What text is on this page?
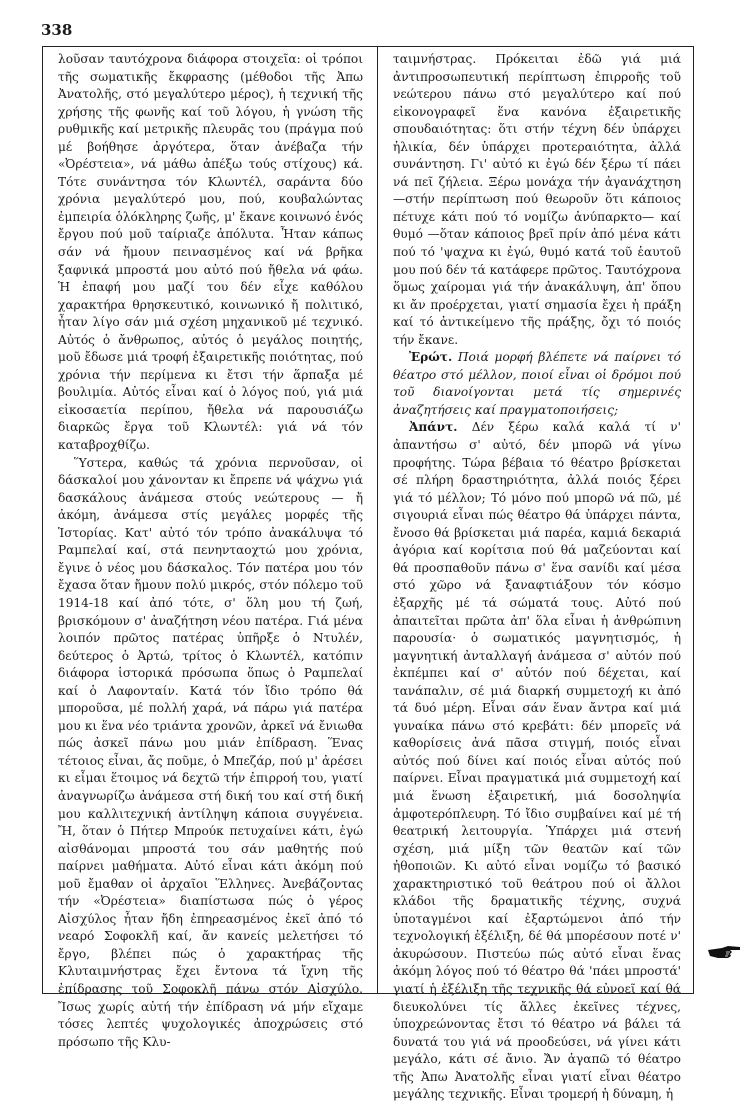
338

λοῦσαν ταυτόχρονα διάφορα στοιχεῖα: οἱ τρόποι τῆς σωματικῆς ἔκφρασης (μέθοδοι τῆς Ἀπω Ἀνατολῆς, στό μεγαλύτερο μέρος), ἡ τεχνική τῆς χρήσης τῆς φωνῆς καί τοῦ λόγου, ἡ γνώση τῆς ρυθμικῆς καί μετρικῆς πλευρᾶς του (πράγμα πού μέ βοήθησε ἀργότερα, ὅταν ἀνέβαζα τήν «Ὀρέστεια», νά μάθω ἀπέξω τούς στίχους) κά. Τότε συνάντησα τόν Κλωντέλ, σαράντα δύο χρόνια μεγαλύτερό μου, πού, κουβαλώντας ἐμπειρία ὁλόκληρης ζωῆς, μ' ἔκανε κοινωνό ἑνός ἔργου πού μοῦ ταίριαζε ἀπόλυτα. Ἦταν κάπως σάν νά ἤμουν πεινασμένος καί νά βρῆκα ξαφνικά μπροστά μου αὐτό πού ἤθελα νά φάω. Ἡ ἐπαφή μου μαζί του δέν εἶχε καθόλου χαρακτήρα θρησκευτικό, κοινωνικό ἤ πολιτικό, ἦταν λίγο σάν μιά σχέση μηχανικοῦ μέ τεχνικό. Αὐτός ὁ ἄνθρωπος, αὐτός ὁ μεγάλος ποιητής, μοῦ ἔδωσε μιά τροφή ἐξαιρετικῆς ποιότητας, πού χρόνια τήν περίμενα κι ἔτσι τήν ἅρπαξα μέ βουλιμία. Αὐτός εἶναι καί ὁ λόγος πού, γιά μιά εἰκοσαετία περίπου, ἤθελα νά παρουσιάζω διαρκῶς ἔργα τοῦ Κλωντέλ: γιά νά τόν καταβροχθίζω.

Ὕστερα, καθώς τά χρόνια περνοῦσαν, οἱ δάσκαλοί μου χάνονταν κι ἔπρεπε νά ψάχνω γιά δασκάλους ἀνάμεσα στούς νεώτερους — ἤ ἀκόμη, ἀνάμεσα στίς μεγάλες μορφές τῆς Ἱστορίας. Κατ' αὐτό τόν τρόπο ἀνακάλυψα τό Ραμπελαί καί, στά πενηνταοχτώ μου χρόνια, ἔγινε ὁ νέος μου δάσκαλος. Τόν πατέρα μου τόν ἔχασα ὅταν ἤμουν πολύ μικρός, στόν πόλεμο τοῦ 1914-18 καί ἀπό τότε, σ' ὅλη μου τή ζωή, βρισκόμουν σ' ἀναζήτηση νέου πατέρα. Γιά μένα λοιπόν πρῶτος πατέρας ὑπῆρξε ὁ Ντυλέν, δεύτερος ὁ Ἀρτώ, τρίτος ὁ Κλωντέλ, κατόπιν διάφορα ἱστορικά πρόσωπα ὅπως ὁ Ραμπελαί καί ὁ Λαφονταίν. Κατά τόν ἴδιο τρόπο θά μποροῦσα, μέ πολλή χαρά, νά πάρω γιά πατέρα μου κι ἕνα νέο τριάντα χρονῶν, ἀρκεῖ νά ἔνιωθα πώς ἀσκεῖ πάνω μου μιάν ἐπίδραση. Ἕνας τέτοιος εἶναι, ἄς ποῦμε, ὁ Μπεζάρ, πού μ' ἀρέσει κι εἶμαι ἕτοιμος νά δεχτῶ τήν ἐπιρροή του, γιατί ἀναγνωρίζω ἀνάμεσα στή δική του καί στή δική μου καλλιτεχνική ἀντίληψη κάποια συγγένεια. Ἤ, ὅταν ὁ Πήτερ Μπρούκ πετυχαίνει κάτι, ἐγώ αἰσθάνομαι μπροστά του σάν μαθητής πού παίρνει μαθήματα. Αὐτό εἶναι κάτι ἀκόμη πού μοῦ ἔμαθαν οἱ ἀρχαῖοι Ἕλληνες. Ἀνεβάζοντας τήν «Ὀρέστεια» διαπίστωσα πώς ὁ γέρος Αἰσχύλος ἦταν ἤδη ἐπηρεασμένος ἐκεῖ ἀπό τό νεαρό Σοφοκλῆ καί, ἄν κανείς μελετήσει τό ἔργο, βλέπει πώς ὁ χαρακτήρας τῆς Κλυταιμνήστρας ἔχει ἔντονα τά ἴχνη τῆς ἐπίδρασης τοῦ Σοφοκλῆ πάνω στόν Αἰσχύλο. Ἴσως χωρίς αὐτή τήν ἐπίδραση νά μήν εἴχαμε τόσες λεπτές ψυχολογικές ἀποχρώσεις στό πρόσωπο τῆς Κλυ-

ταιμνήστρας. Πρόκειται ἐδῶ γιά μιά ἀντιπροσωπευτική περίπτωση ἐπιρροῆς τοῦ νεώτερου πάνω στό μεγαλύτερο καί πού εἰκονογραφεῖ ἕνα κανόνα ἐξαιρετικῆς σπουδαιότητας: ὅτι στήν τέχνη δέν ὑπάρχει ἡλικία, δέν ὑπάρχει προτεραιότητα, ἀλλά συνάντηση. Γι' αὐτό κι ἐγώ δέν ξέρω τί πάει νά πεῖ ζήλεια. Ξέρω μονάχα τήν ἀγανάχτηση —στήν περίπτωση πού θεωροῦν ὅτι κάποιος πέτυχε κάτι πού τό νομίζω ἀνύπαρκτο— καί θυμό —ὅταν κάποιος βρεῖ πρίν ἀπό μένα κάτι πού τό 'ψαχνα κι ἐγώ, θυμό κατά τοῦ ἑαυτοῦ μου πού δέν τά κατάφερε πρῶτος. Ταυτόχρονα ὅμως χαίρομαι γιά τήν ἀνακάλυψη, ἀπ' ὅπου κι ἄν προέρχεται, γιατί σημασία ἔχει ἡ πράξη καί τό ἀντικείμενο τῆς πράξης, ὄχι τό ποιός τήν ἔκανε.

Ἐρώτ. Ποιά μορφή βλέπετε νά παίρνει τό θέατρο στό μέλλον, ποιοί εἶναι οἱ δρόμοι πού τοῦ διανοίγονται μετά τίς σημερινές ἀναζητήσεις καί πραγματοποιήσεις;

Ἀπάντ. Δέν ξέρω καλά καλά τί ν' ἀπαντήσω σ' αὐτό, δέν μπορῶ νά γίνω προφήτης. Τώρα βέβαια τό θέατρο βρίσκεται σέ πλήρη δραστηριότητα, ἀλλά ποιός ξέρει γιά τό μέλλον; Τό μόνο πού μπορῶ νά πῶ, μέ σιγουριά εἶναι πώς θέατρο θά ὑπάρχει πάντα, ἔνοσο θά βρίσκεται μιά παρέα, καμιά δεκαριά ἀγόρια καί κορίτσια πού θά μαζεύονται καί θά προσπαθοῦν πάνω σ' ἕνα σανίδι καί μέσα στό χῶρο νά ξαναφτιάξουν τόν κόσμο ἐξαρχῆς μέ τά σώματά τους. Αὐτό πού ἀπαιτεῖται πρῶτα ἀπ' ὅλα εἶναι ἡ ἀνθρώπινη παρουσία· ὁ σωματικός μαγνητισμός, ἡ μαγνητική ἀνταλλαγή ἀνάμεσα σ' αὐτόν πού ἐκπέμπει καί σ' αὐτόν πού δέχεται, καί τανάπαλιν, σέ μιά διαρκή συμμετοχή κι ἀπό τά δυό μέρη. Εἶναι σάν ἕναν ἄντρα καί μιά γυναίκα πάνω στό κρεβάτι: δέν μπορεῖς νά καθορίσεις ἀνά πᾶσα στιγμή, ποιός εἶναι αὐτός πού δίνει καί ποιός εἶναι αὐτός πού παίρνει. Εἶναι πραγματικά μιά συμμετοχή καί μιά ἕνωση ἐξαιρετική, μιά δοσοληψία ἀμφοτερόπλευρη. Τό ἴδιο συμβαίνει καί μέ τή θεατρική λειτουργία. Ὑπάρχει μιά στενή σχέση, μιά μίξη τῶν θεατῶν καί τῶν ἠθοποιῶν. Κι αὐτό εἶναι νομίζω τό βασικό χαρακτηριστικό τοῦ θεάτρου πού οἱ ἄλλοι κλάδοι τῆς δραματικῆς τέχνης, συχνά ὑποταγμένοι καί ἐξαρτώμενοι ἀπό τήν τεχνολογική ἐξέλιξη, δέ θά μπορέσουν ποτέ ν' ἀκυρώσουν. Πιστεύω πώς αὐτό εἶναι ἕνας ἀκόμη λόγος πού τό θέατρο θά 'πάει μπροστά' γιατί ἡ ἐξέλιξη τῆς τεχνικῆς θά εὐνοεῖ καί θά διευκολύνει τίς ἄλλες ἐκεῖνες τέχνες, ὑποχρεώνοντας ἔτσι τό θέατρο νά βάλει τά δυνατά του γιά νά προοδεύσει, νά γίνει κάτι μεγάλο, κάτι σέ ἄνιο. Ἄν ἀγαπῶ τό θέατρο τῆς Ἀπω Ἀνατολῆς εἶναι γιατί εἶναι θέατρο μεγάλης τεχνικῆς. Εἶναι τρομερή ἡ δύναμη, ἡ
